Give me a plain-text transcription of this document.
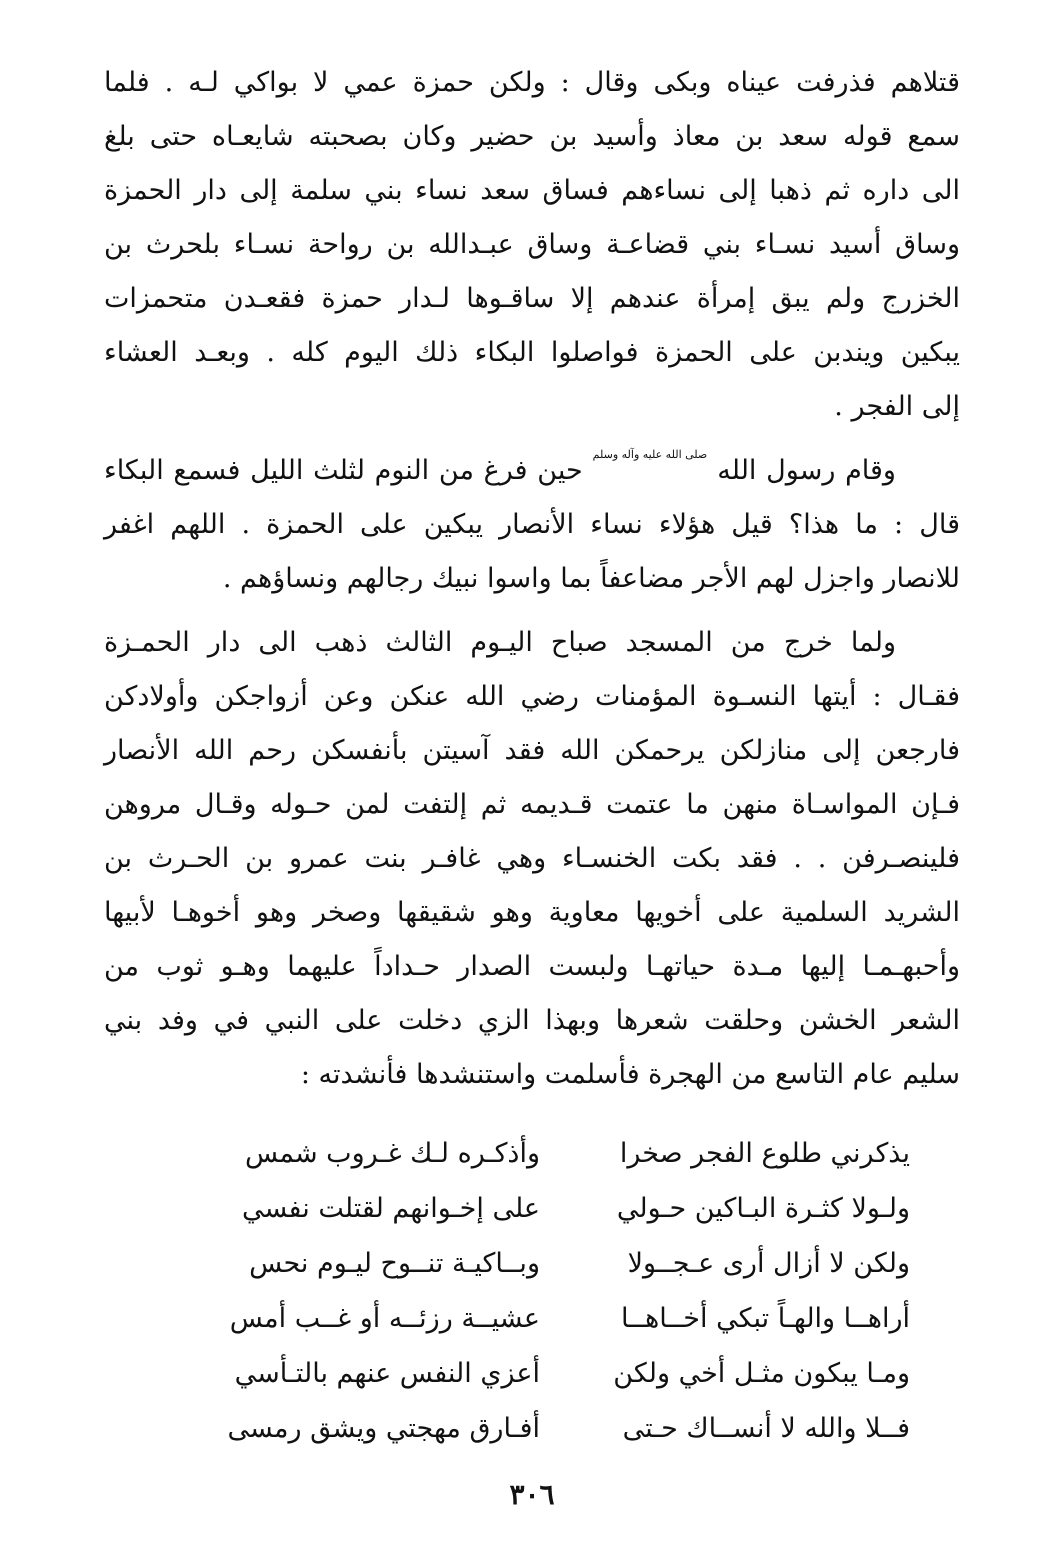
قتلاهم فذرفت عيناه وبكى وقال : ولكن حمزة عمي لا بواكي لـه . فلما
سمع قوله سعد بن معاذ وأسيد بن حضير وكان بصحبته شايعـاه حتى بلغ
الى داره ثم ذهبا إلى نساءهم فساق سعد نساء بني سلمة إلى دار الحمزة
وساق أسيد نسـاء بني قضاعـة وساق عبـدالله بن رواحة نسـاء بلحرث بن
الخزرج ولم يبق إمرأة عندهم إلا ساقـوها لـدار حمزة فقعـدن متحمزات
يبكين ويندبن على الحمزة فواصلوا البكاء ذلك اليوم كله . وبعـد العشاء
إلى الفجر .
وقام رسول اللهصلى الله عليه وآله وسلمحين فرغ من النوم لثلث الليل فسمع البكاء
قال : ما هذا؟ قيل هؤلاء نساء الأنصار يبكين على الحمزة . اللهم اغفر
للانصار واجزل لهم الأجر مضاعفاً بما واسوا نبيك رجالهم ونساؤهم .
ولما خرج من المسجد صباح اليـوم الثالث ذهب الى دار الحمـزة
فقـال : أيتها النسـوة المؤمنات رضي الله عنكن وعن أزواجكن وأولادكن
فارجعن إلى منازلكن يرحمكن الله فقد آسيتن بأنفسكن رحم الله الأنصار
فـإن المواسـاة منهن ما عتمت قـديمه ثم إلتفت لمن حـوله وقـال مروهن
فلينصـرفن . . فقد بكت الخنسـاء وهي غافـر بنت عمرو بن الحـرث بن
الشريد السلمية على أخويها معاوية وهو شقيقها وصخر وهو أخوهـا لأبيها
وأحبهـمـا إليها مـدة حياتهـا ولبست الصدار حـداداً عليهما وهـو ثوب من
الشعر الخشن وحلقت شعرها وبهذا الزي دخلت على النبي في وفد بني
سليم عام التاسع من الهجرة فأسلمت واستنشدها فأنشدته :
يذكرني طلوع الفجر صخرا
وأذكـره لـك غـروب شمس
ولـولا كثـرة البـاكين حـولي
على إخـوانهم لقتلت نفسي
ولكن لا أزال أرى عـجــولا
وبــاكيـة تنــوح ليـوم نحس
أراهــا والهـاً تبكي أخــاهــا
عشيــة رزئــه أو غــب أمس
ومـا يبكون مثـل أخي ولكن
أعزي النفس عنهم بالتـأسي
فــلا والله لا أنســاك حـتى
أفـارق مهجتي ويشق رمسى
٣٠٦
